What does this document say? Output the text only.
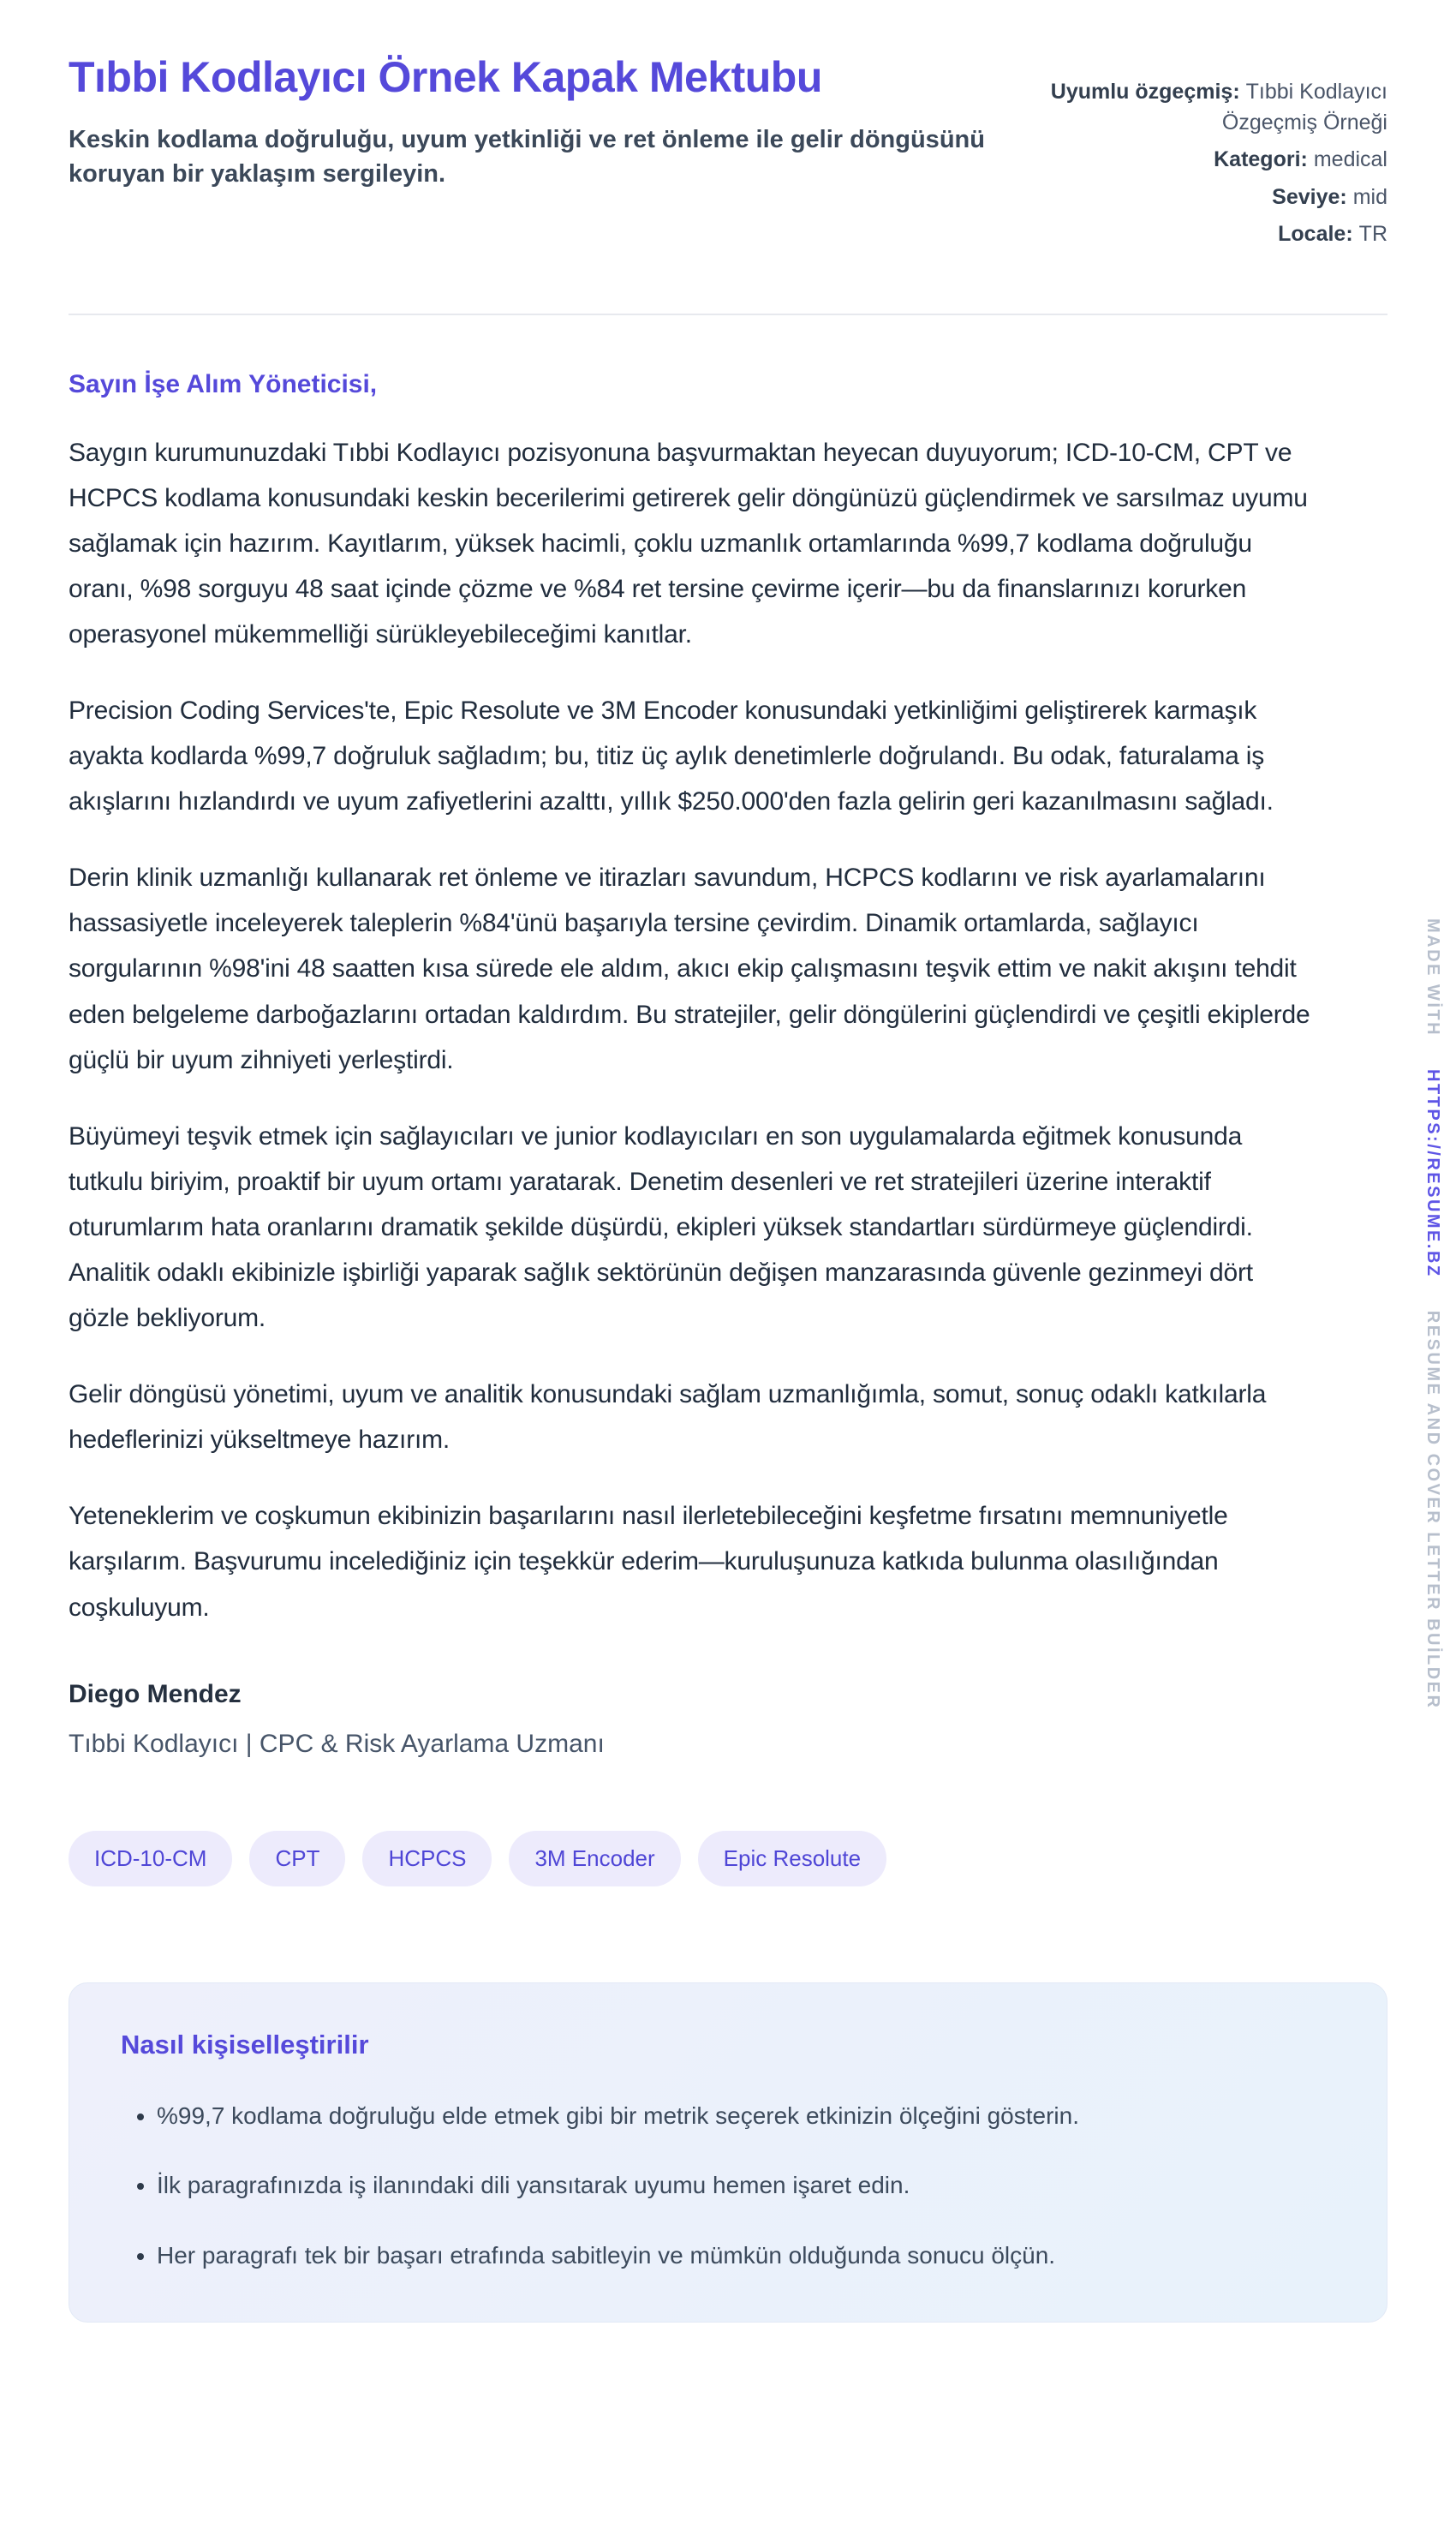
Tıbbi Kodlayıcı Örnek Kapak Mektubu

Keskin kodlama doğruluğu, uyum yetkinliği ve ret önleme ile gelir döngüsünü koruyan bir yaklaşım sergileyin.

Uyumlu özgeçmiş: Tıbbi Kodlayıcı Özgeçmiş Örneği
Kategori: medical
Seviye: mid
Locale: TR
Sayın İşe Alım Yöneticisi,

Saygın kurumunuzdaki Tıbbi Kodlayıcı pozisyonuna başvurmaktan heyecan duyuyorum; ICD-10-CM, CPT ve HCPCS kodlama konusundaki keskin becerilerimi getirerek gelir döngünüzü güçlendirmek ve sarsılmaz uyumu sağlamak için hazırım. Kayıtlarım, yüksek hacimli, çoklu uzmanlık ortamlarında %99,7 kodlama doğruluğu oranı, %98 sorguyu 48 saat içinde çözme ve %84 ret tersine çevirme içerir—bu da finanslarınızı korurken operasyonel mükemmelliği sürükleyebileceğimi kanıtlar.

Precision Coding Services'te, Epic Resolute ve 3M Encoder konusundaki yetkinliğimi geliştirerek karmaşık ayakta kodlarda %99,7 doğruluk sağladım; bu, titiz üç aylık denetimlerle doğrulandı. Bu odak, faturalama iş akışlarını hızlandırdı ve uyum zafiyetlerini azalttı, yıllık $250.000'den fazla gelirin geri kazanılmasını sağladı.

Derin klinik uzmanlığı kullanarak ret önleme ve itirazları savundum, HCPCS kodlarını ve risk ayarlamalarını hassasiyetle inceleyerek taleplerin %84'ünü başarıyla tersine çevirdim. Dinamik ortamlarda, sağlayıcı sorgularının %98'ini 48 saatten kısa sürede ele aldım, akıcı ekip çalışmasını teşvik ettim ve nakit akışını tehdit eden belgeleme darboğazlarını ortadan kaldırdım. Bu stratejiler, gelir döngülerini güçlendirdi ve çeşitli ekiplerde güçlü bir uyum zihniyeti yerleştirdi.

Büyümeyi teşvik etmek için sağlayıcıları ve junior kodlayıcıları en son uygulamalarda eğitmek konusunda tutkulu biriyim, proaktif bir uyum ortamı yaratarak. Denetim desenleri ve ret stratejileri üzerine interaktif oturumlarım hata oranlarını dramatik şekilde düşürdü, ekipleri yüksek standartları sürdürmeye güçlendirdi. Analitik odaklı ekibinizle işbirliği yaparak sağlık sektörünün değişen manzarasında güvenle gezinmeyi dört gözle bekliyorum.

Gelir döngüsü yönetimi, uyum ve analitik konusundaki sağlam uzmanlığımla, somut, sonuç odaklı katkılarla hedeflerinizi yükseltmeye hazırım.

Yeteneklerim ve coşkumun ekibinizin başarılarını nasıl ilerletebileceğini keşfetme fırsatını memnuniyetle karşılarım. Başvurumu incelediğiniz için teşekkür ederim—kuruluşunuza katkıda bulunma olasılığından coşkuluyum.

Diego Mendez
Tıbbi Kodlayıcı | CPC & Risk Ayarlama Uzmanı
ICD-10-CM	CPT	HCPCS	3M Encoder	Epic Resolute
Nasıl kişiselleştirilir
• %99,7 kodlama doğruluğu elde etmek gibi bir metrik seçerek etkinizin ölçeğini gösterin.
• İlk paragrafınızda iş ilanındaki dili yansıtarak uyumu hemen işaret edin.
• Her paragrafı tek bir başarı etrafında sabitleyin ve mümkün olduğunda sonucu ölçün.
MADE WİTH HTTPS://RESUME.BZ RESUME AND COVER LETTER BUİLDER
